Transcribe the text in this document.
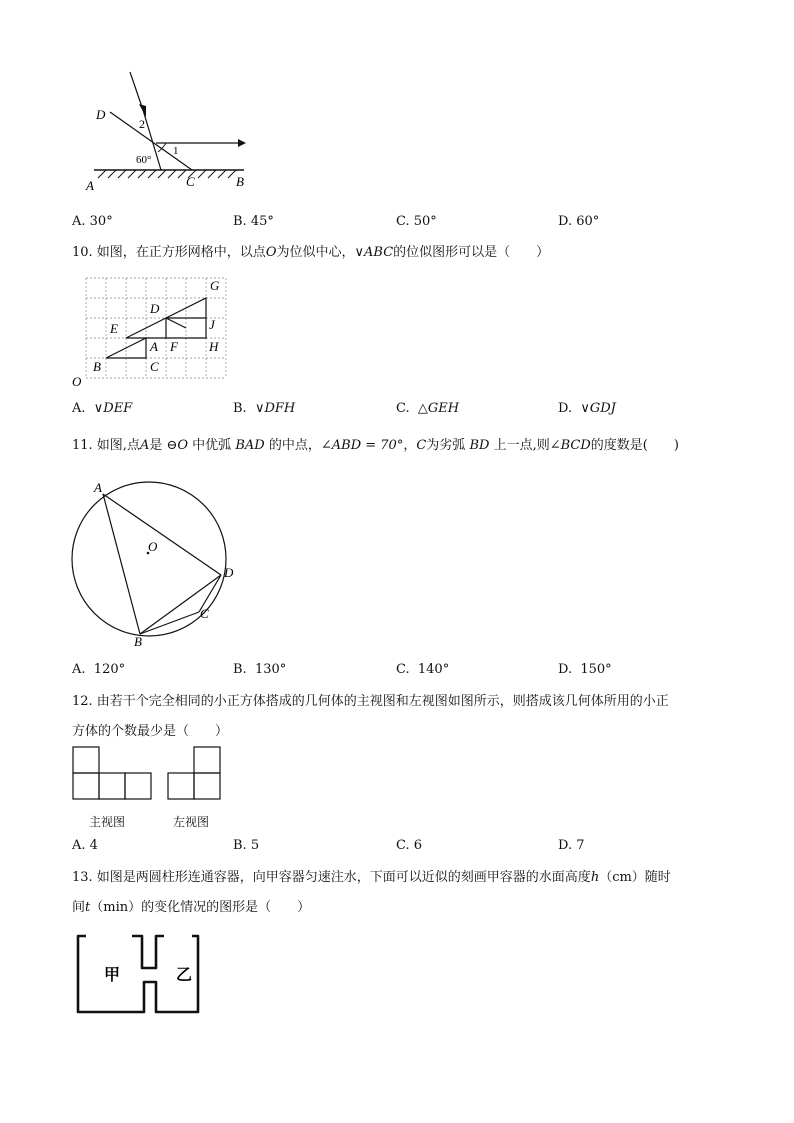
D
2
1
60°
A	C	B
A. 30°	B. 45°	C. 50°	D. 60°
10. 如图，在正方形网格中，以点O为位似中心，∨ABC的位似图形可以是（　　）
G
D
E	J
A F H
B	C
O
A. ∨DEF	B. ∨DFH	C. △GEH	D. ∨GDJ
11. 如图,点A是 ⊖O 中优弧 BAD 的中点，∠ABD = 70°，C为劣弧 BD 上一点,则∠BCD的度数是(　　)
A
O
D
C
B
A. 120°	B. 130°	C. 140°	D. 150°
12. 由若干个完全相同的小正方体搭成的几何体的主视图和左视图如图所示，则搭成该几何体所用的小正
方体的个数最少是（　　）
主视图	左视图
A. 4	B. 5	C. 6	D. 7
13. 如图是两圆柱形连通容器，向甲容器匀速注水，下面可以近似的刻画甲容器的水面高度h（cm）随时
间t（min）的变化情况的图形是（　　）
甲	乙
